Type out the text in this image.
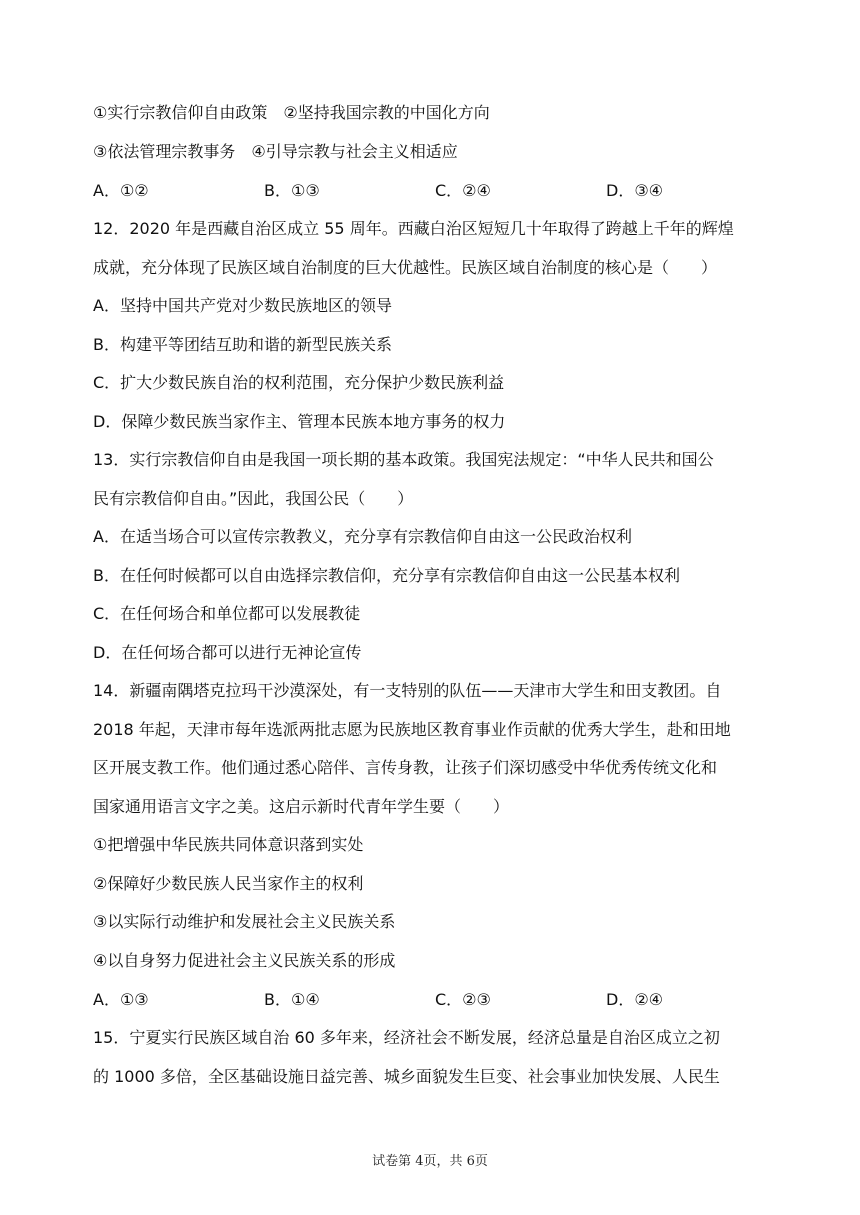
①实行宗教信仰自由政策　②坚持我国宗教的中国化方向
③依法管理宗教事务　④引导宗教与社会主义相适应
A．①②	B．①③	C．②④	D．③④
12．2020 年是西藏自治区成立 55 周年。西藏白治区短短几十年取得了跨越上千年的辉煌
成就，充分体现了民族区域自治制度的巨大优越性。民族区域自治制度的核心是（　　）
A．坚持中国共产党对少数民族地区的领导
B．构建平等团结互助和谐的新型民族关系
C．扩大少数民族自治的权利范围，充分保护少数民族利益
D．保障少数民族当家作主、管理本民族本地方事务的权力
13．实行宗教信仰自由是我国一项长期的基本政策。我国宪法规定：“中华人民共和国公
民有宗教信仰自由。”因此，我国公民（　　）
A．在适当场合可以宣传宗教教义，充分享有宗教信仰自由这一公民政治权利
B．在任何时候都可以自由选择宗教信仰，充分享有宗教信仰自由这一公民基本权利
C．在任何场合和单位都可以发展教徒
D．在任何场合都可以进行无神论宣传
14．新疆南隅塔克拉玛干沙漠深处，有一支特别的队伍——天津市大学生和田支教团。自
2018 年起，天津市每年选派两批志愿为民族地区教育事业作贡献的优秀大学生，赴和田地
区开展支教工作。他们通过悉心陪伴、言传身教，让孩子们深切感受中华优秀传统文化和
国家通用语言文字之美。这启示新时代青年学生要（　　）
①把增强中华民族共同体意识落到实处
②保障好少数民族人民当家作主的权利
③以实际行动维护和发展社会主义民族关系
④以自身努力促进社会主义民族关系的形成
A．①③	B．①④	C．②③	D．②④
15．宁夏实行民族区域自治 60 多年来，经济社会不断发展，经济总量是自治区成立之初
的 1000 多倍，全区基础设施日益完善、城乡面貌发生巨变、社会事业加快发展、人民生
试卷第 4页，共 6页
